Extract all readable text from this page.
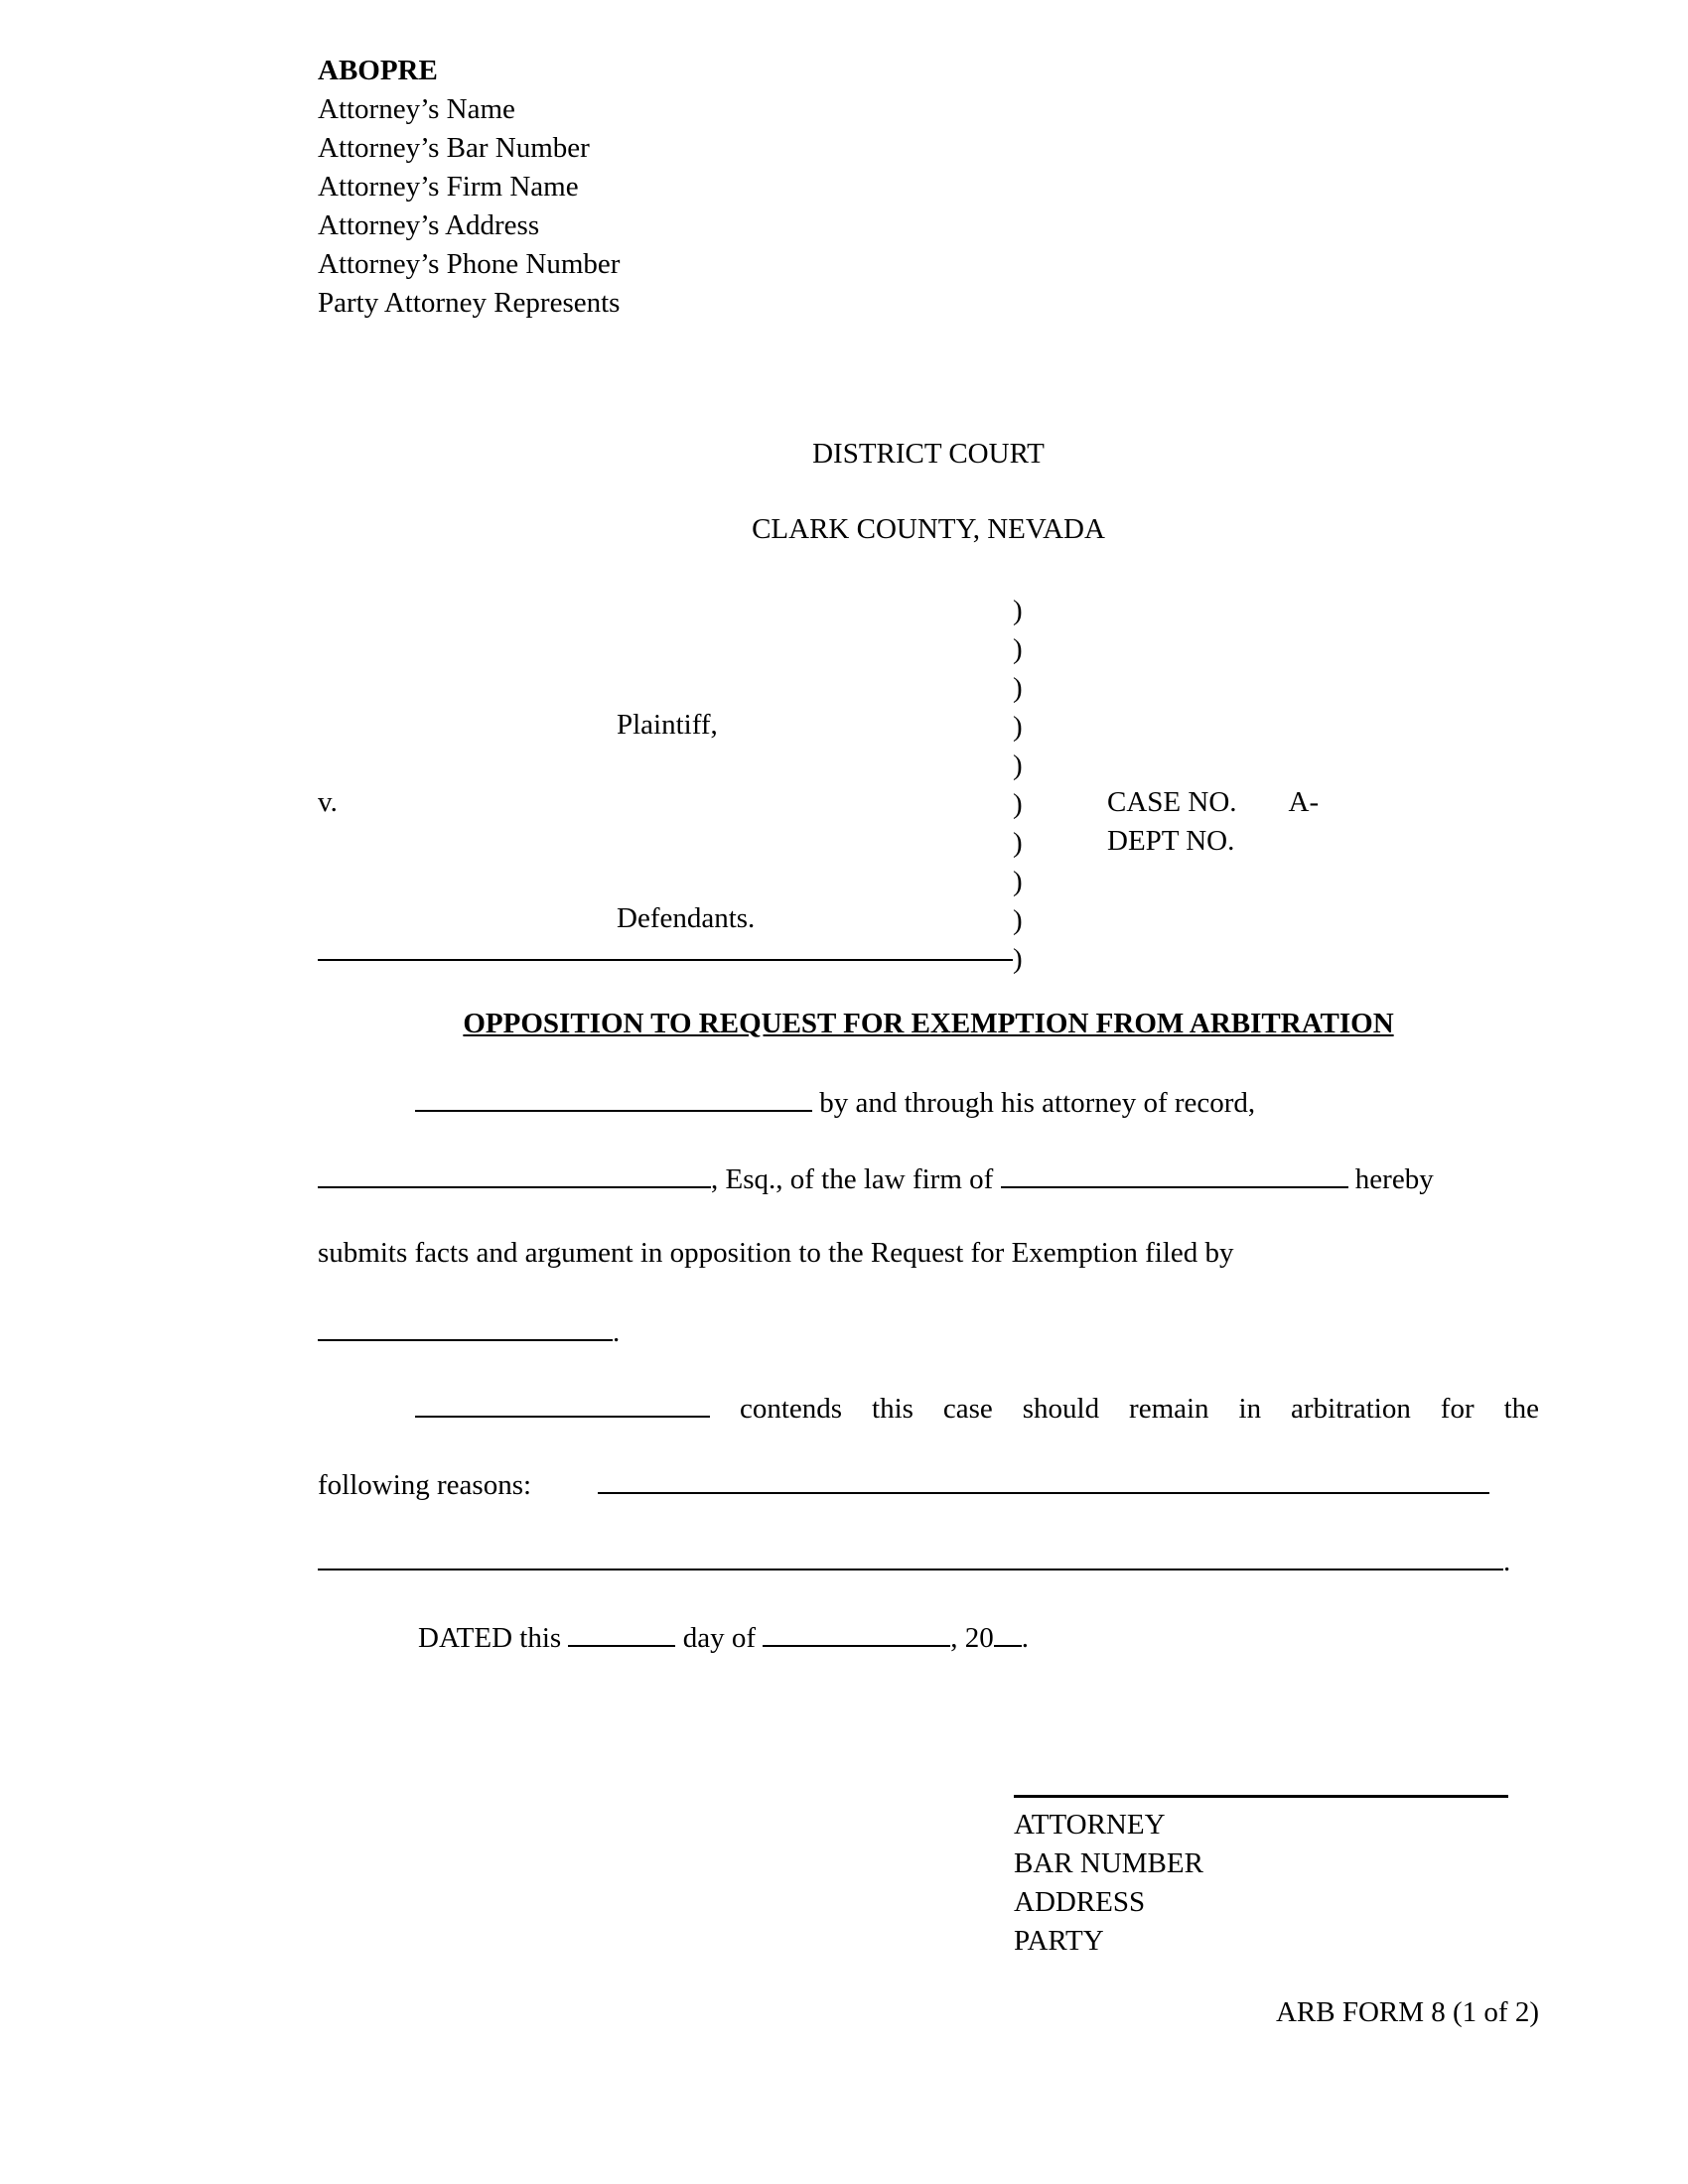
ABOPRE
Attorney’s Name
Attorney’s Bar Number
Attorney’s Firm Name
Attorney’s Address
Attorney’s Phone Number
Party Attorney Represents
DISTRICT COURT
CLARK COUNTY, NEVADA
)
)
)
)
)
)
)
)
)
)
Plaintiff,
v.
Defendants.
CASE NO. A-
DEPT NO.
OPPOSITION TO REQUEST FOR EXEMPTION FROM ARBITRATION
by and through his attorney of record,
, Esq., of the law firm of	hereby
submits facts and argument in opposition to the Request for Exemption filed by
.
contends this case should remain in arbitration for the
following reasons:
.
DATED this	day of	, 20 .
ATTORNEY
BAR NUMBER
ADDRESS
PARTY
ARB FORM 8 (1 of 2)
